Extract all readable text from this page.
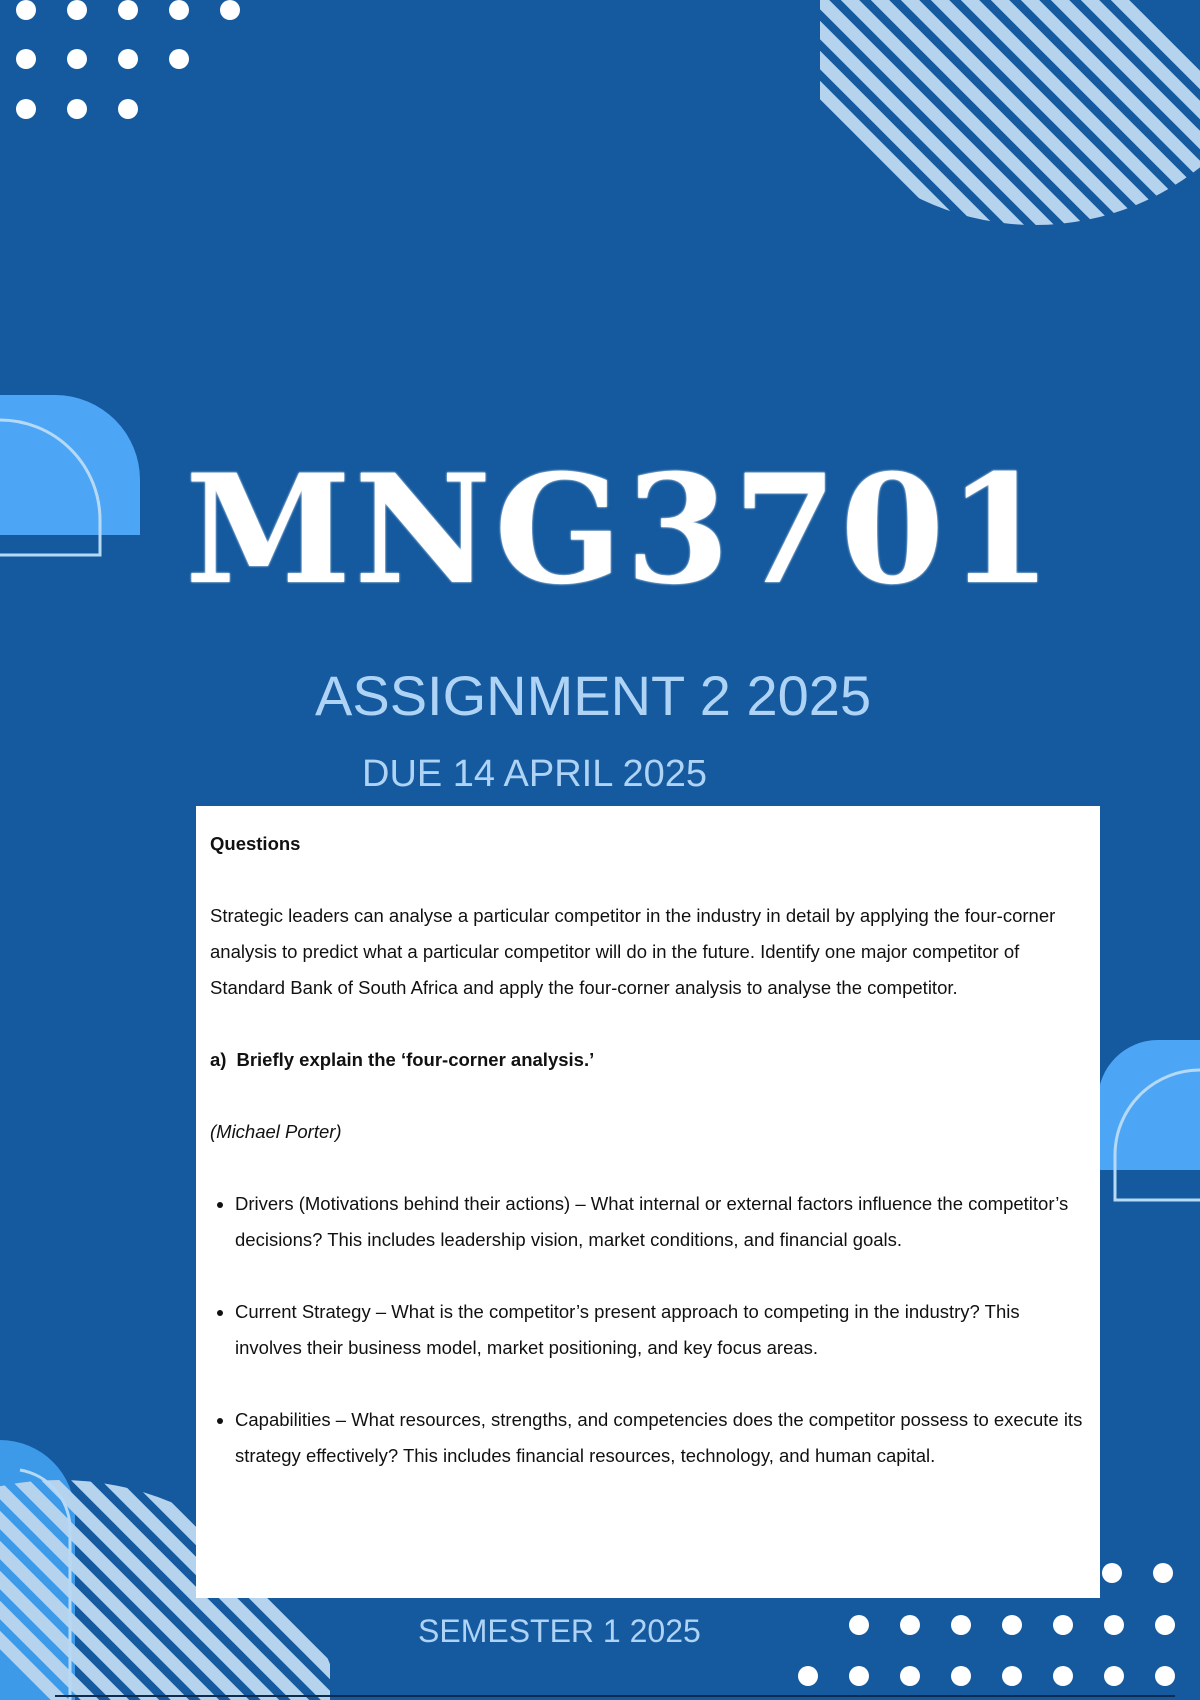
MNG3701
ASSIGNMENT 2 2025
DUE 14 APRIL 2025

Questions

Strategic leaders can analyse a particular competitor in the industry in detail by applying the four-corner analysis to predict what a particular competitor will do in the future. Identify one major competitor of Standard Bank of South Africa and apply the four-corner analysis to analyse the competitor.

a) Briefly explain the ‘four-corner analysis.’

(Michael Porter)

• Drivers (Motivations behind their actions) – What internal or external factors influence the competitor’s decisions? This includes leadership vision, market conditions, and financial goals.
• Current Strategy – What is the competitor’s present approach to competing in the industry? This involves their business model, market positioning, and key focus areas.
• Capabilities – What resources, strengths, and competencies does the competitor possess to execute its strategy effectively? This includes financial resources, technology, and human capital.
SEMESTER 1 2025
